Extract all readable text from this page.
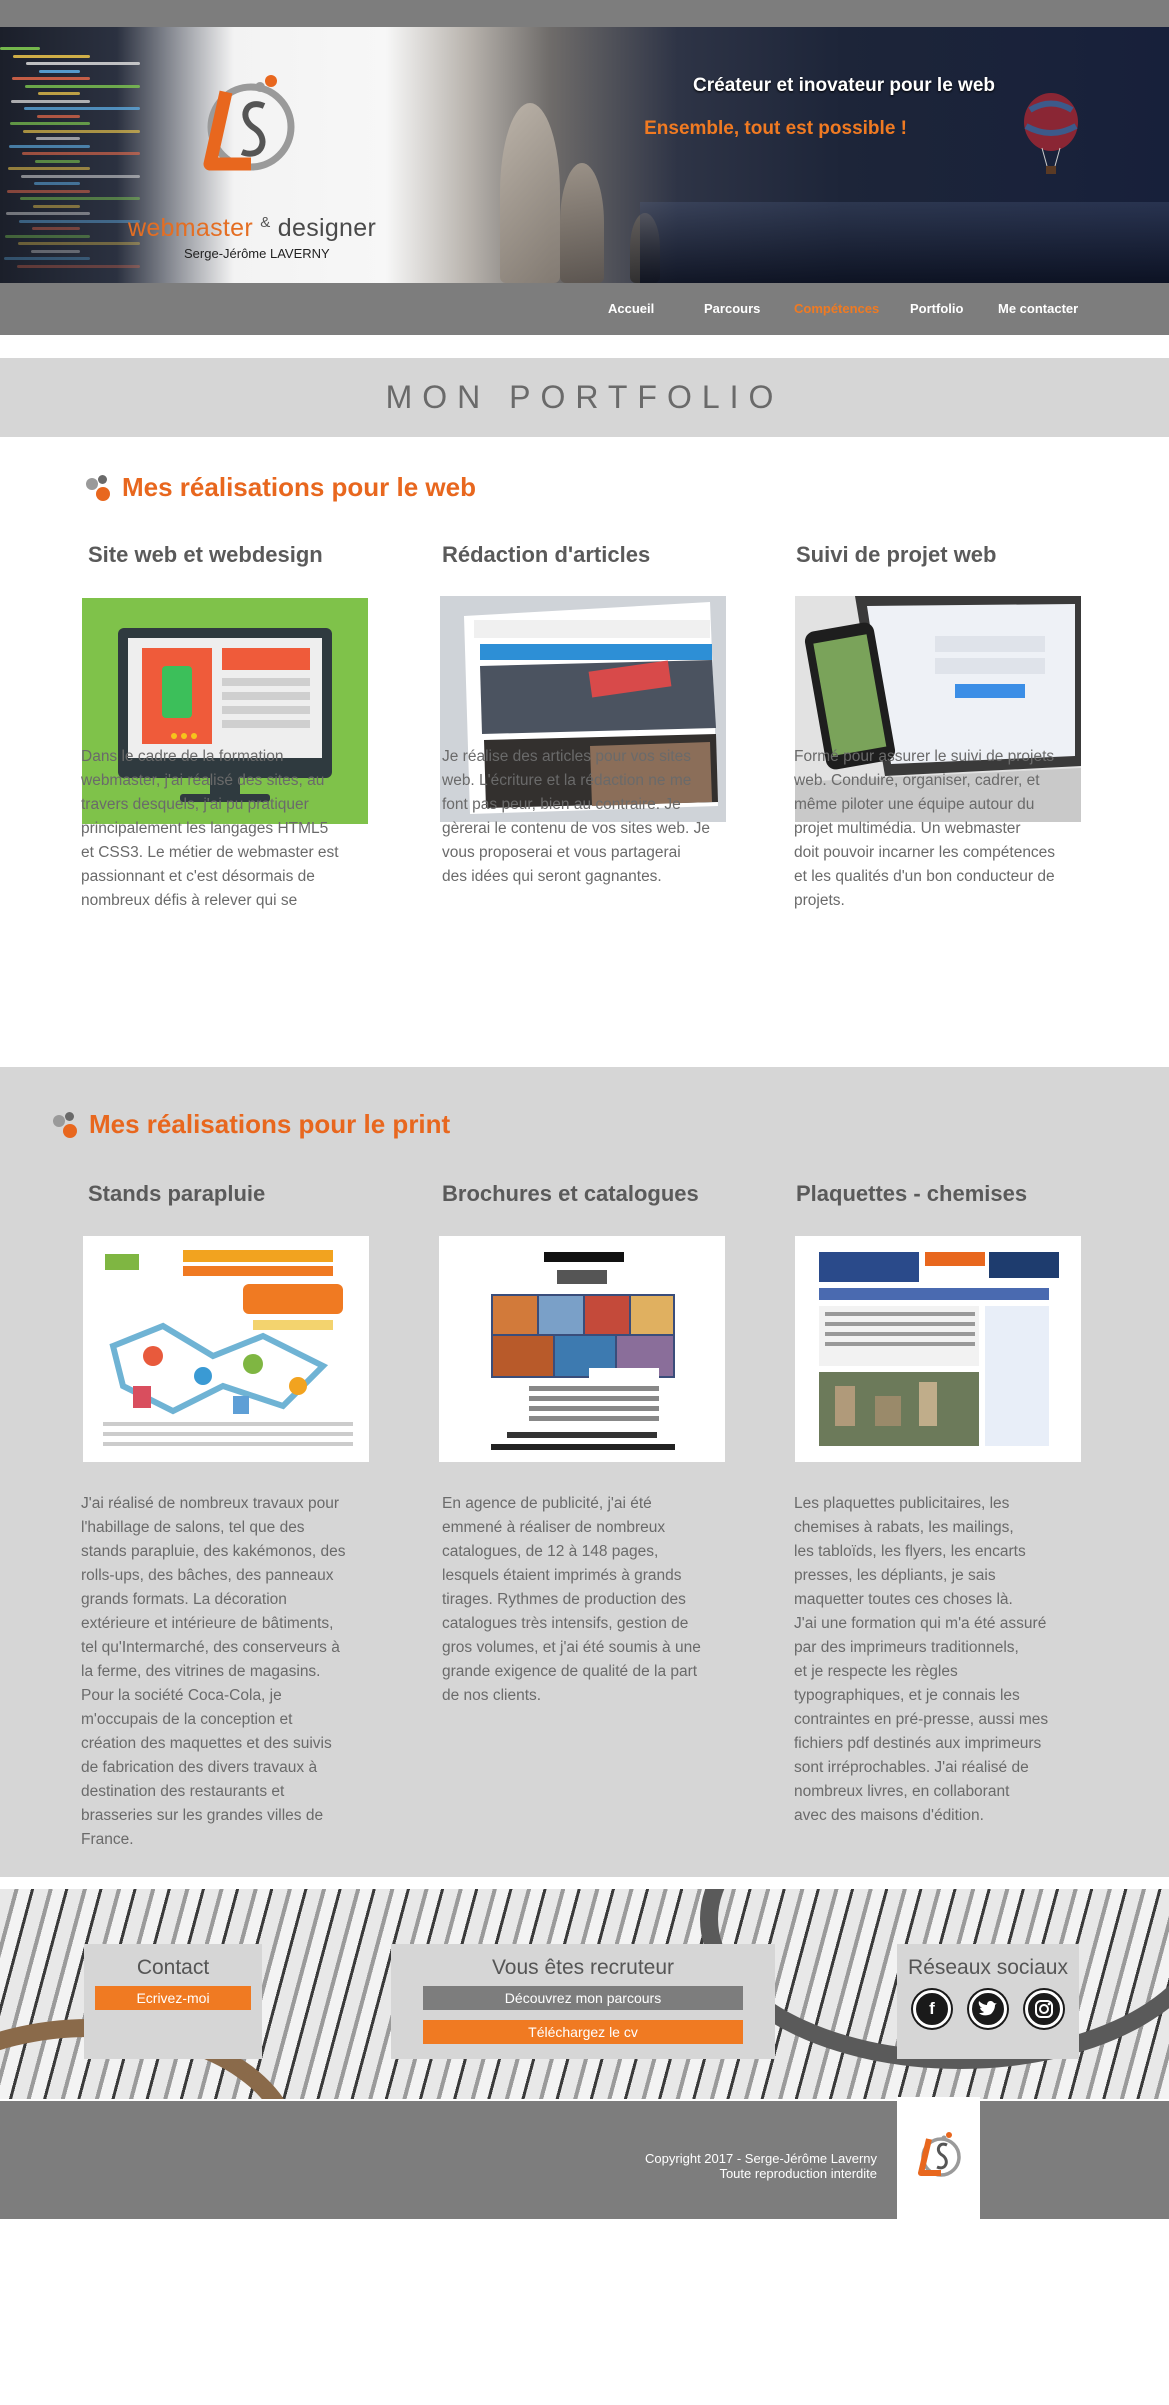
webmaster & designer
Serge-Jérôme LAVERNY
Créateur et inovateur pour le web
Ensemble, tout est possible !
Accueil	Parcours	Compétences Portfolio	Me contacter
MON PORTFOLIO
Mes réalisations pour le web
Site web et webdesign	Rédaction d'articles	Suivi de projet web
Dans le cadre de la formation
webmaster, j'ai réalisé des sites, au
travers desquels, j'ai pu pratiquer
principalement les langages HTML5
et CSS3. Le métier de webmaster est
passionnant et c'est désormais de
nombreux défis à relever qui se
Je réalise des articles pour vos sites
web. L'écriture et la rédaction ne me
font pas peur, bien au contraire. Je
gèrerai le contenu de vos sites web. Je
vous proposerai et vous partagerai
des idées qui seront gagnantes.
Formé pour assurer le suivi de projets
web. Conduire, organiser, cadrer, et
même piloter une équipe autour du
projet multimédia. Un webmaster
doit pouvoir incarner les compétences
et les qualités d'un bon conducteur de
projets.
Mes réalisations pour le print
Stands parapluie	Brochures et catalogues	Plaquettes - chemises
J'ai réalisé de nombreux travaux pour
l'habillage de salons, tel que des
stands parapluie, des kakémonos, des
rolls-ups, des bâches, des panneaux
grands formats. La décoration
extérieure et intérieure de bâtiments,
tel qu'Intermarché, des conserveurs à
la ferme, des vitrines de magasins.
Pour la société Coca-Cola, je
m'occupais de la conception et
création des maquettes et des suivis
de fabrication des divers travaux à
destination des restaurants et
brasseries sur les grandes villes de
France.
En agence de publicité, j'ai été
emmené à réaliser de nombreux
catalogues, de 12 à 148 pages,
lesquels étaient imprimés à grands
tirages. Rythmes de production des
catalogues très intensifs, gestion de
gros volumes, et j'ai été soumis à une
grande exigence de qualité de la part
de nos clients.
Les plaquettes publicitaires, les
chemises à rabats, les mailings,
les tabloïds, les flyers, les encarts
presses, les dépliants, je sais
maquetter toutes ces choses là.
J'ai une formation qui m'a été assuré
par des imprimeurs traditionnels,
et je respecte les règles
typographiques, et je connais les
contraintes en pré-presse, aussi mes
fichiers pdf destinés aux imprimeurs
sont irréprochables. J'ai réalisé de
nombreux livres, en collaborant
avec des maisons d'édition.
Contact
Ecrivez-moi
Vous êtes recruteur
Découvrez mon parcours
Téléchargez le cv
Réseaux sociaux
f
Copyright 2017 - Serge-Jérôme Laverny
Toute reproduction interdite
